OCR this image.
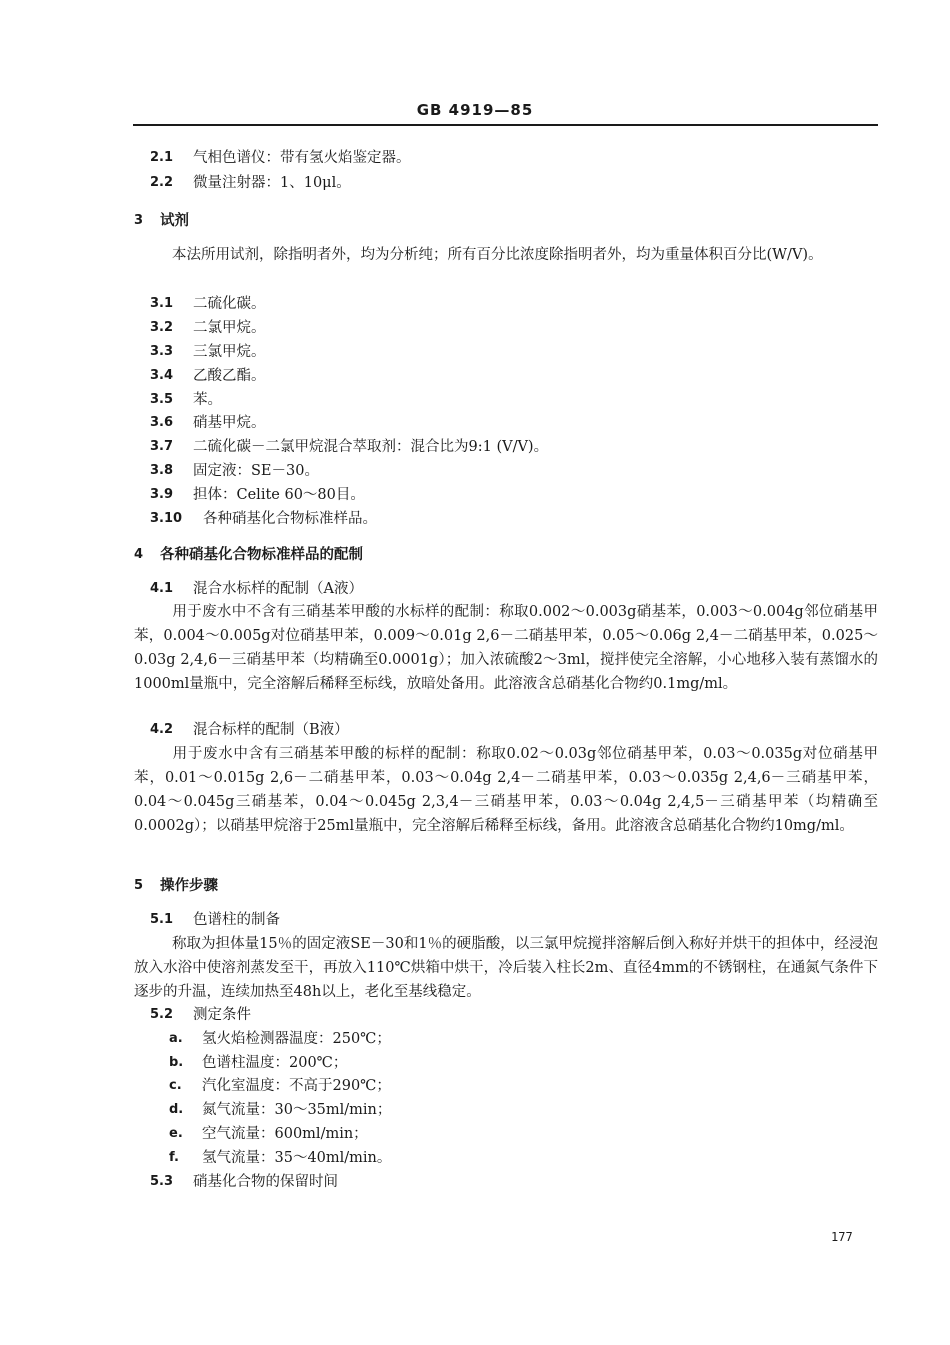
GB 4919—85
2.1 气相色谱仪：带有氢火焰鉴定器。
2.2 微量注射器：1、10μl。
3 试剂
本法所用试剂，除指明者外，均为分析纯；所有百分比浓度除指明者外，均为重量体积百分比(W/V)。
3.1 二硫化碳。
3.2 二氯甲烷。
3.3 三氯甲烷。
3.4 乙酸乙酯。
3.5 苯。
3.6 硝基甲烷。
3.7 二硫化碳－二氯甲烷混合萃取剂：混合比为9:1 (V/V)。
3.8 固定液：SE－30。
3.9 担体：Celite 60～80目。
3.10 各种硝基化合物标准样品。
4 各种硝基化合物标准样品的配制
4.1 混合水标样的配制（A液）
用于废水中不含有三硝基苯甲酸的水标样的配制：称取0.002～0.003g硝基苯，0.003～0.004g邻位硝基甲苯，0.004～0.005g对位硝基甲苯，0.009～0.01g 2,6－二硝基甲苯，0.05～0.06g 2,4－二硝基甲苯，0.025～0.03g 2,4,6－三硝基甲苯（均精确至0.0001g）；加入浓硫酸2～3ml，搅拌使完全溶解，小心地移入装有蒸馏水的1000ml量瓶中，完全溶解后稀释至标线，放暗处备用。此溶液含总硝基化合物约0.1mg/ml。
4.2 混合标样的配制（B液）
用于废水中含有三硝基苯甲酸的标样的配制：称取0.02～0.03g邻位硝基甲苯，0.03～0.035g对位硝基甲苯，0.01～0.015g 2,6－二硝基甲苯，0.03～0.04g 2,4－二硝基甲苯，0.03～0.035g 2,4,6－三硝基甲苯，0.04～0.045g三硝基苯，0.04～0.045g 2,3,4－三硝基甲苯，0.03～0.04g 2,4,5－三硝基甲苯（均精确至0.0002g）；以硝基甲烷溶于25ml量瓶中，完全溶解后稀释至标线，备用。此溶液含总硝基化合物约10mg/ml。
5 操作步骤
5.1 色谱柱的制备
称取为担体量15％的固定液SE－30和1％的硬脂酸，以三氯甲烷搅拌溶解后倒入称好并烘干的担体中，经浸泡放入水浴中使溶剂蒸发至干，再放入110℃烘箱中烘干，冷后装入柱长2m、直径4mm的不锈钢柱，在通氮气条件下逐步的升温，连续加热至48h以上，老化至基线稳定。
5.2 测定条件
a. 氢火焰检测器温度：250℃；
b. 色谱柱温度：200℃；
c. 汽化室温度：不高于290℃；
d. 氮气流量：30～35ml/min；
e. 空气流量：600ml/min；
f. 氢气流量：35～40ml/min。
5.3 硝基化合物的保留时间
177
